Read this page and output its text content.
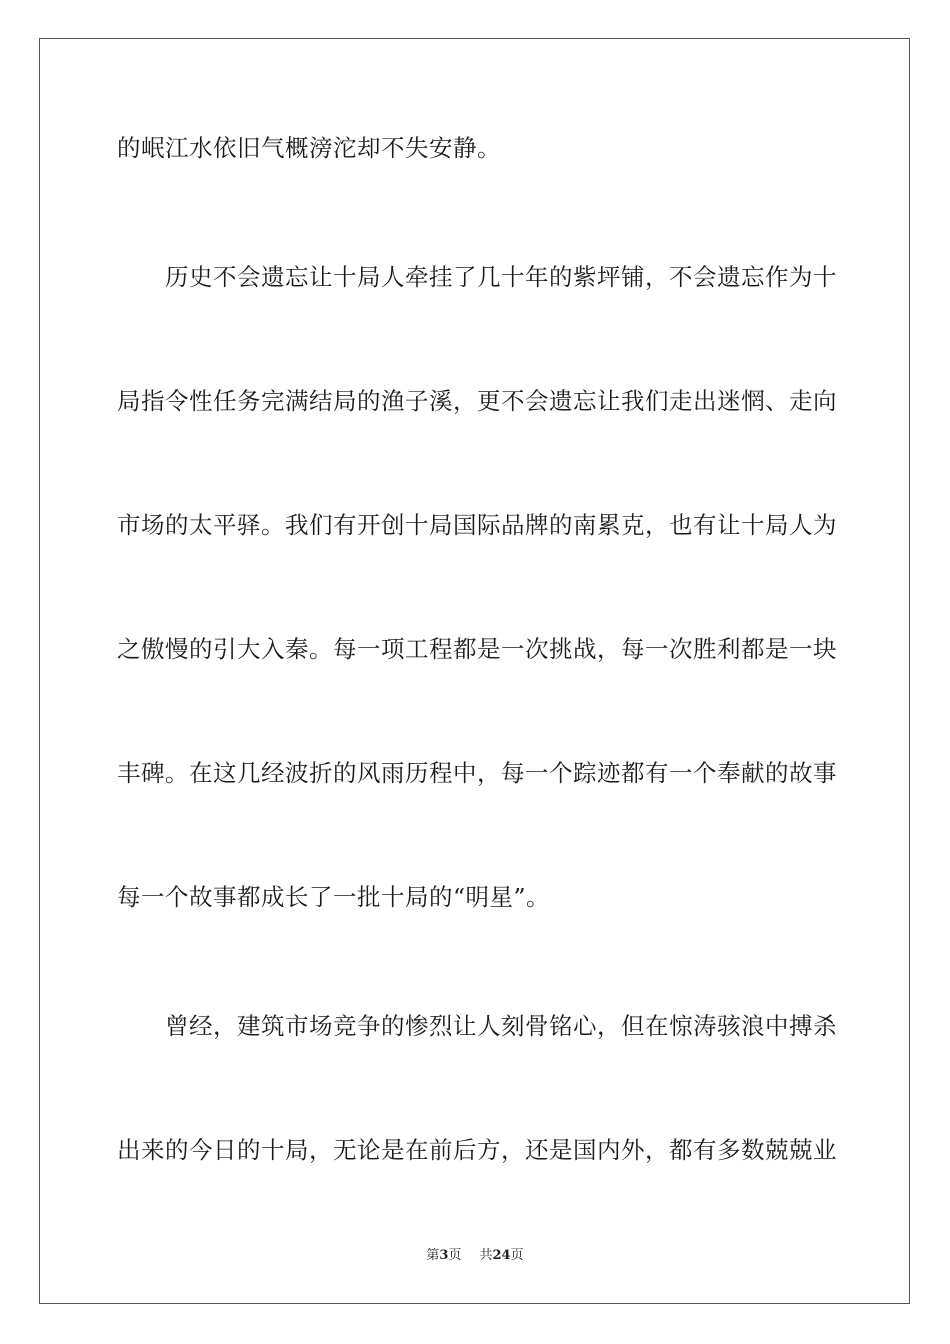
的岷江水依旧气概滂沱却不失安静。
历史不会遗忘让十局人牵挂了几十年的紫坪铺，不会遗忘作为十
局指令性任务完满结局的渔子溪，更不会遗忘让我们走出迷惘、走向
市场的太平驿。我们有开创十局国际品牌的南累克，也有让十局人为
之傲慢的引大入秦。每一项工程都是一次挑战，每一次胜利都是一块
丰碑。在这几经波折的风雨历程中，每一个踪迹都有一个奉献的故事
每一个故事都成长了一批十局的“明星”。
曾经，建筑市场竞争的惨烈让人刻骨铭心，但在惊涛骇浪中搏杀
出来的今日的十局，无论是在前后方，还是国内外，都有多数兢兢业
第3页 共24页
